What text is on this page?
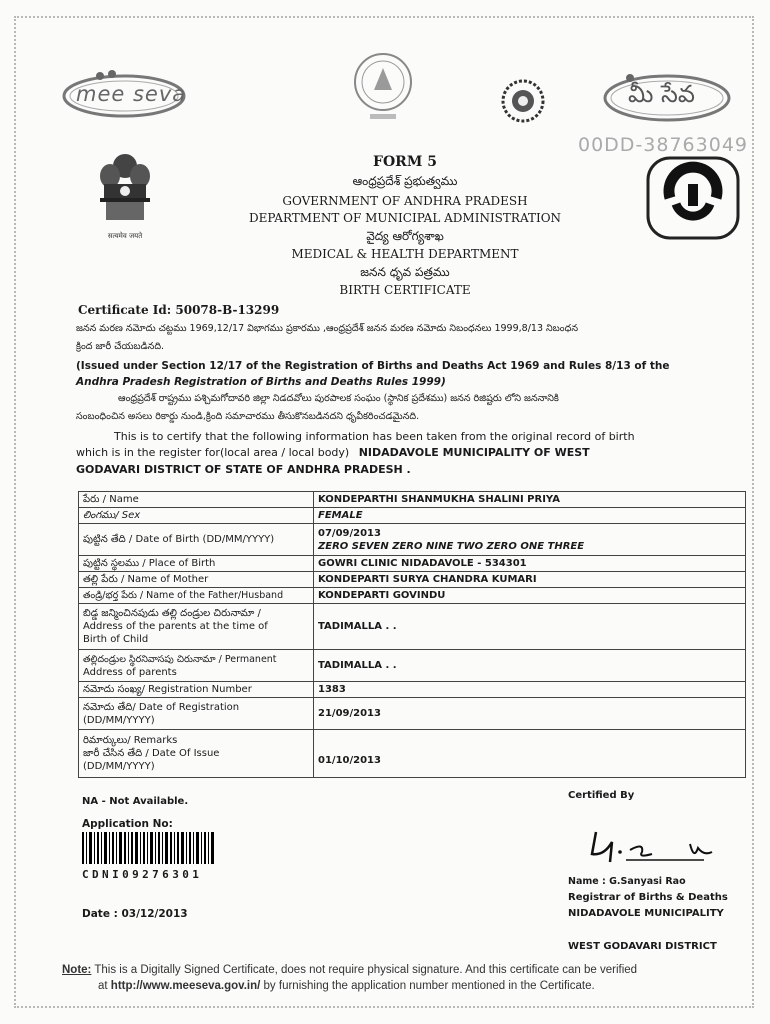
mee seva	మీ సేవ
00DD-38763049
सत्यमेव जयते
FORM 5
ఆంధ్రప్రదేశ్ ప్రభుత్వము
GOVERNMENT OF ANDHRA PRADESH
DEPARTMENT OF MUNICIPAL ADMINISTRATION
వైద్య ఆరోగ్యశాఖ
MEDICAL & HEALTH DEPARTMENT
జనన ధృవ పత్రము
BIRTH CERTIFICATE
Certificate Id: 50078-B-13299
జనన మరణ నమోదు చట్టము 1969,12/17 విభాగము ప్రకారము ,ఆంధ్రప్రదేశ్ జనన మరణ నమోదు నిబంధనలు 1999,8/13 నిబంధన
క్రింద జారీ చేయబడినది.
(Issued under Section 12/17 of the Registration of Births and Deaths Act 1969 and Rules 8/13 of the
Andhra Pradesh Registration of Births and Deaths Rules 1999)
ఆంధ్రప్రదేశ్ రాష్ట్రము పశ్చిమగోదావరి జిల్లా నిడదవోలు పురపాలక సంఘం (స్థానిక ప్రదేశము) జనన రిజిష్టరు లోని జననానికి
సంబంధించిన అసలు రికార్డు నుండి,క్రింది సమాచారము తీసుకొనబడినదని ధృవీకరించడమైనది.
This is to certify that the following information has been taken from the original record of birth
which is in the register for(local area / local body) NIDADAVOLE MUNICIPALITY OF WEST
GODAVARI DISTRICT OF STATE OF ANDHRA PRADESH .
పేరు / Name	KONDEPARTHI SHANMUKHA SHALINI PRIYA
లింగము/ Sex	FEMALE
పుట్టిన తేది / Date of Birth (DD/MM/YYYY)	07/09/2013
ZERO SEVEN ZERO NINE TWO ZERO ONE THREE

పుట్టిన స్థలము / Place of Birth	GOWRI CLINIC NIDADAVOLE - 534301
తల్లి పేరు / Name of Mother	KONDEPARTI SURYA CHANDRA KUMARI
తండ్రి/భర్త పేరు / Name of the Father/Husband	KONDEPARTI GOVINDU

బిడ్డ జన్మించినపుడు తల్లి దండ్రుల చిరునామా /
Address of the parents at the time of
Birth of Child	TADIMALLA . .

తల్లిదండ్రుల స్థిరనివాసపు చిరునామా / Permanent
Address of parents	TADIMALLA . .
నమోదు సంఖ్య/ Registration Number	1383

నమోదు తేది/ Date of Registration
(DD/MM/YYYY)	21/09/2013

రిమార్కులు/ Remarks
జారీ చేసిన తేది / Date Of Issue
(DD/MM/YYYY)	01/10/2013
NA - Not Available.
Certified By
Application No:
CDNI09276301
Name : G.Sanyasi Rao
Registrar of Births & Deaths
Date : 03/12/2013	NIDADAVOLE MUNICIPALITY
WEST GODAVARI DISTRICT
Note: This is a Digitally Signed Certificate, does not require physical signature. And this certificate can be verified
at http://www.meeseva.gov.in/ by furnishing the application number mentioned in the Certificate.
